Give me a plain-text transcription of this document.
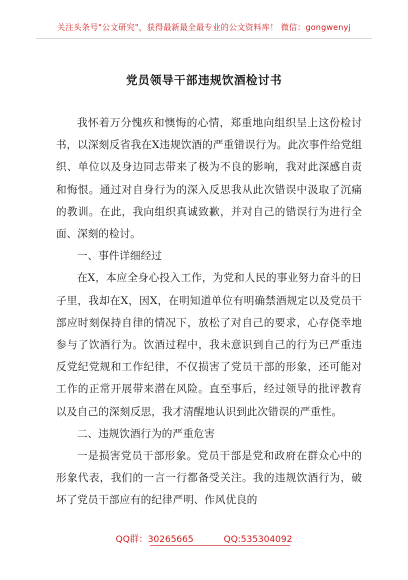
关注头条号"公文研究"，获得最新最全最专业的公文资料库！ 微信：gongwenyj
党员领导干部违规饮酒检讨书

我怀着万分愧疚和懊悔的心情，郑重地向组织呈上这份检讨书，以深刻反省我在X违规饮酒的严重错误行为。此次事件给党组织、单位以及身边同志带来了极为不良的影响，我对此深感自责和悔恨。通过对自身行为的深入反思我从此次错误中汲取了沉痛的教训。在此，我向组织真诚致歉，并对自己的错误行为进行全面、深刻的检讨。

一、事件详细经过

在X，本应全身心投入工作，为党和人民的事业努力奋斗的日子里，我却在X，因X，在明知道单位有明确禁酒规定以及党员干部应时刻保持自律的情况下，放松了对自己的要求，心存侥幸地参与了饮酒行为。饮酒过程中，我未意识到自己的行为已严重违反党纪党规和工作纪律，不仅损害了党员干部的形象，还可能对工作的正常开展带来潜在风险。直至事后，经过领导的批评教育以及自己的深刻反思，我才清醒地认识到此次错误的严重性。

二、违规饮酒行为的严重危害

一是损害党员干部形象。党员干部是党和政府在群众心中的形象代表，我们的一言一行都备受关注。我的违规饮酒行为，破坏了党员干部应有的纪律严明、作风优良的

QQ群：30265665	QQ:535304092
